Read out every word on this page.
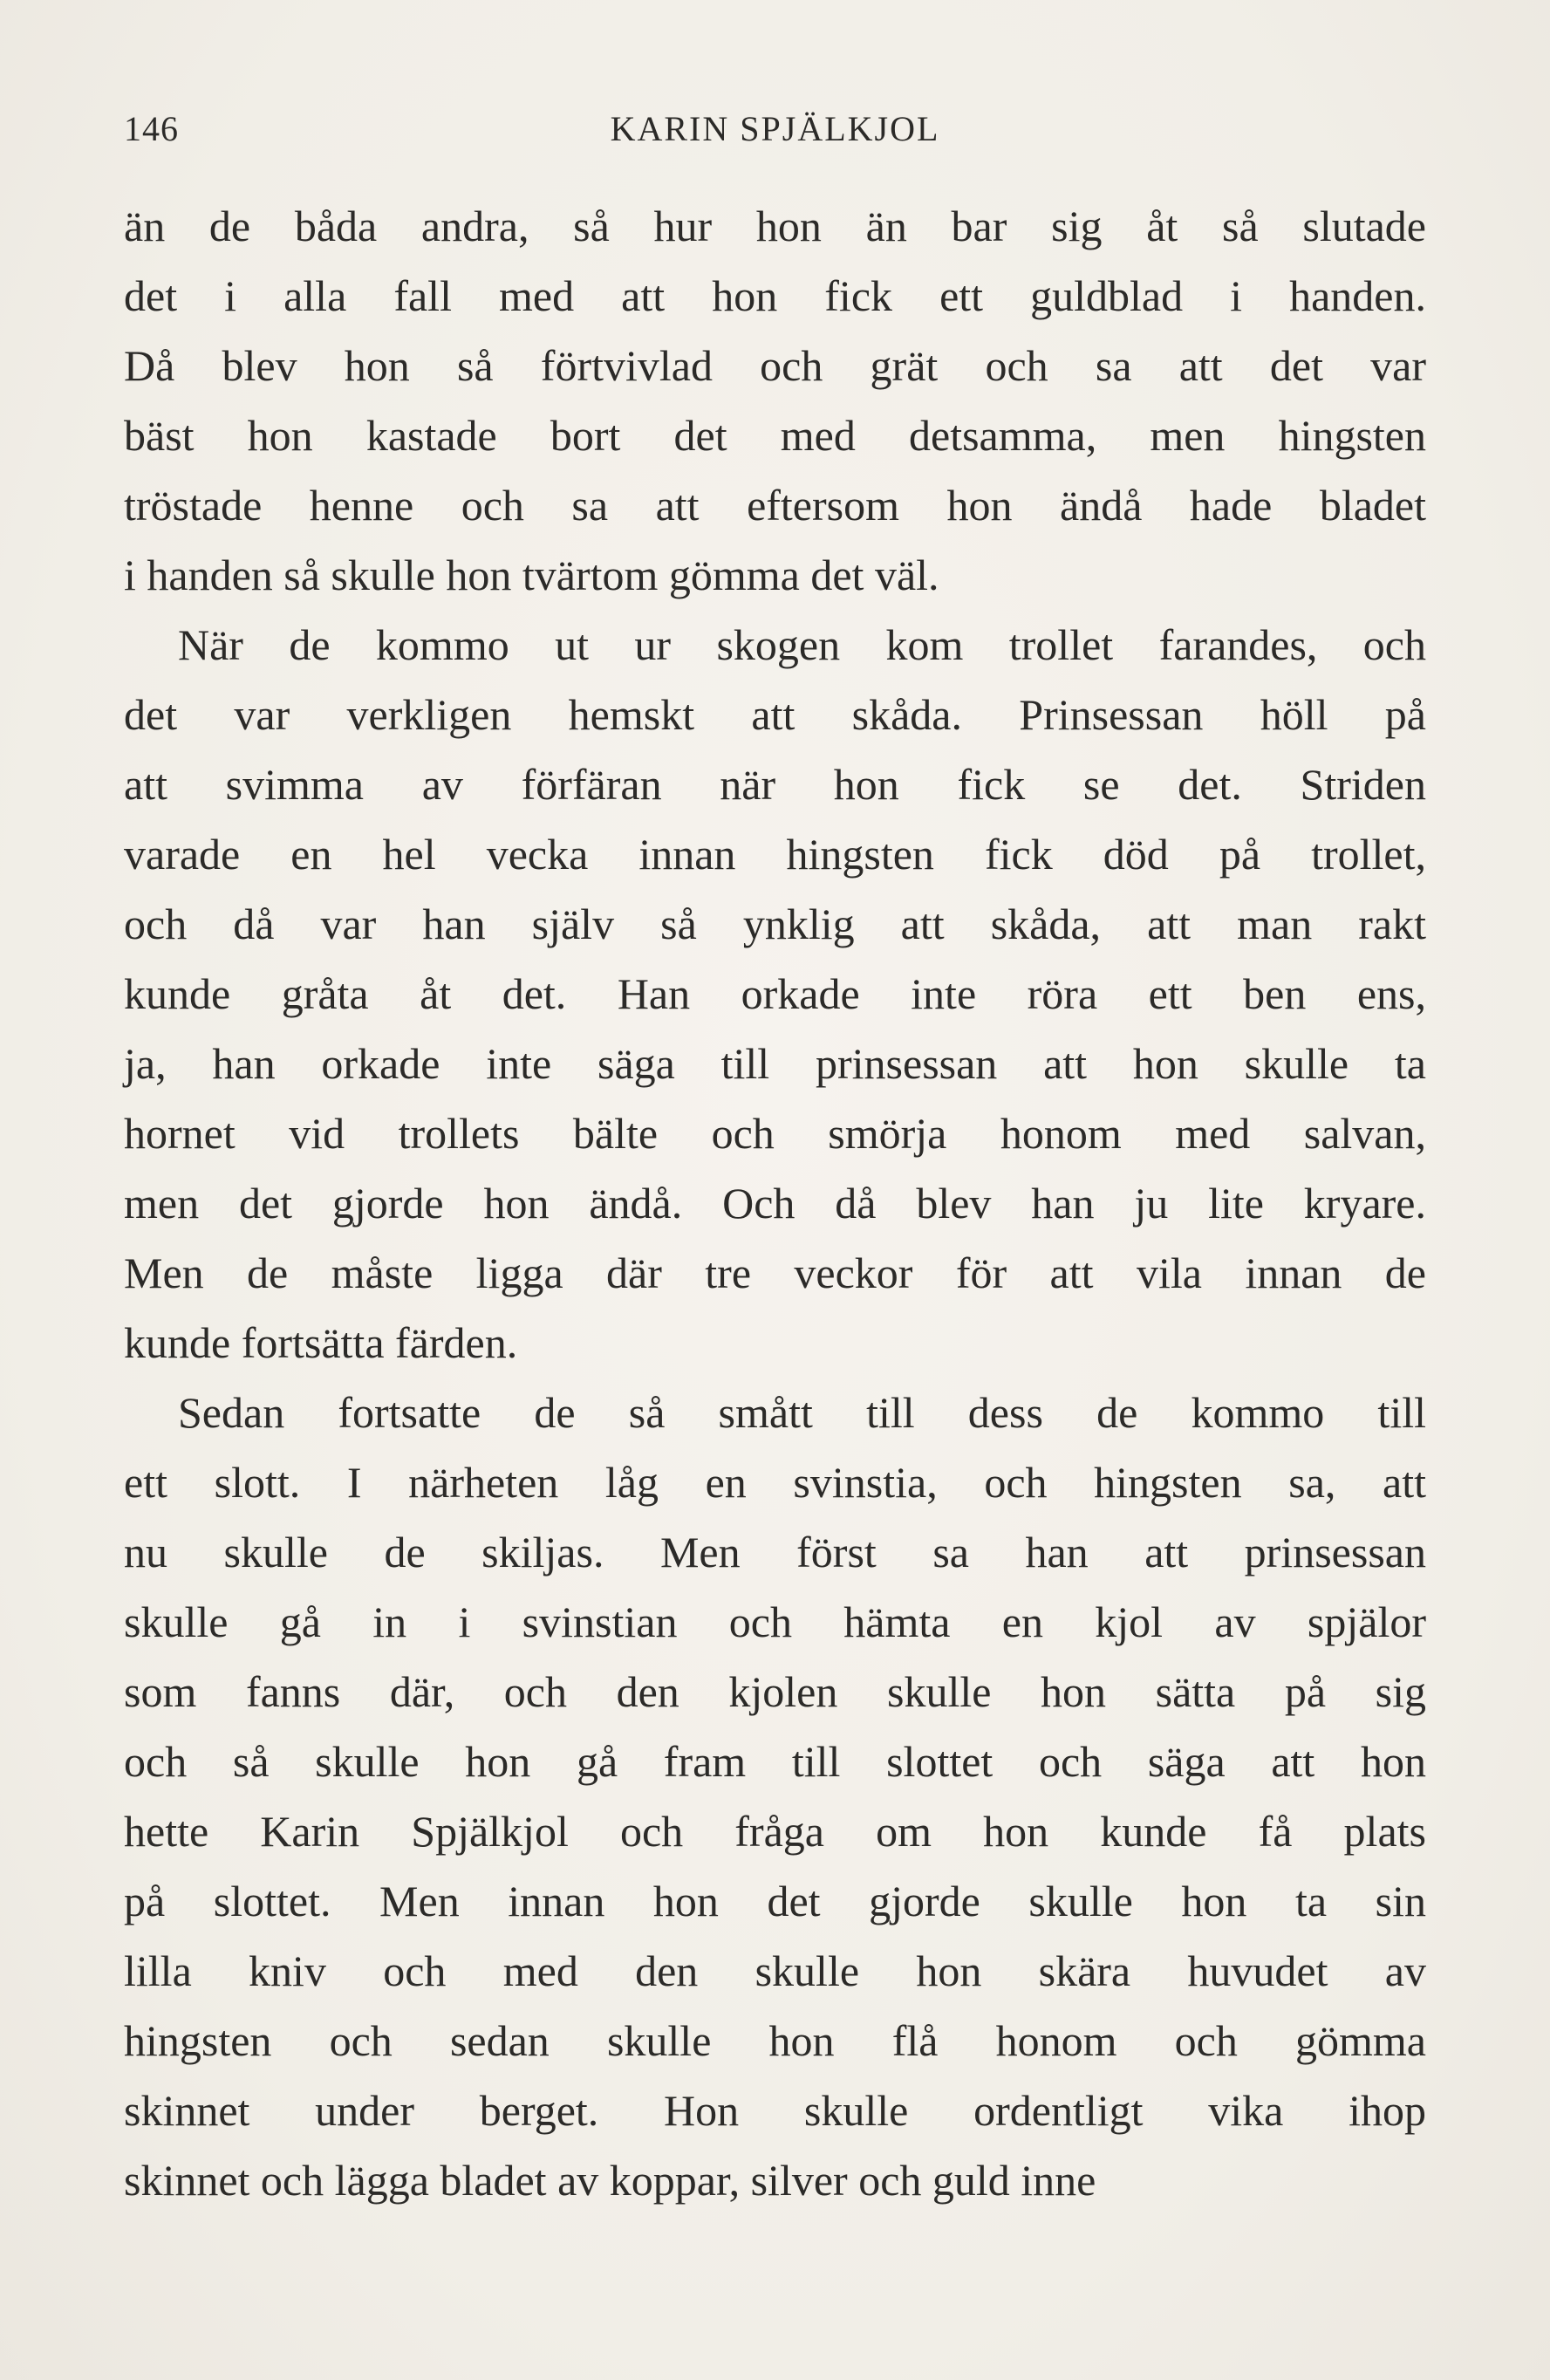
146	KARIN SPJÄLKJOL
än de båda andra, så hur hon än bar sig åt så slutade
det i alla fall med att hon fick ett guldblad i handen.
Då blev hon så förtvivlad och grät och sa att det var
bäst hon kastade bort det med detsamma, men hingsten
tröstade henne och sa att eftersom hon ändå hade bladet
i handen så skulle hon tvärtom gömma det väl.
När de kommo ut ur skogen kom trollet farandes, och
det var verkligen hemskt att skåda. Prinsessan höll på
att svimma av förfäran när hon fick se det. Striden
varade en hel vecka innan hingsten fick död på trollet,
och då var han själv så ynklig att skåda, att man rakt
kunde gråta åt det. Han orkade inte röra ett ben ens,
ja, han orkade inte säga till prinsessan att hon skulle ta
hornet vid trollets bälte och smörja honom med salvan,
men det gjorde hon ändå. Och då blev han ju lite kryare.
Men de måste ligga där tre veckor för att vila innan de
kunde fortsätta färden.
Sedan fortsatte de så smått till dess de kommo till
ett slott. I närheten låg en svinstia, och hingsten sa, att
nu skulle de skiljas. Men först sa han att prinsessan
skulle gå in i svinstian och hämta en kjol av spjälor
som fanns där, och den kjolen skulle hon sätta på sig
och så skulle hon gå fram till slottet och säga att hon
hette Karin Spjälkjol och fråga om hon kunde få plats
på slottet. Men innan hon det gjorde skulle hon ta sin
lilla kniv och med den skulle hon skära huvudet av
hingsten och sedan skulle hon flå honom och gömma
skinnet under berget. Hon skulle ordentligt vika ihop
skinnet och lägga bladet av koppar, silver och guld inne
